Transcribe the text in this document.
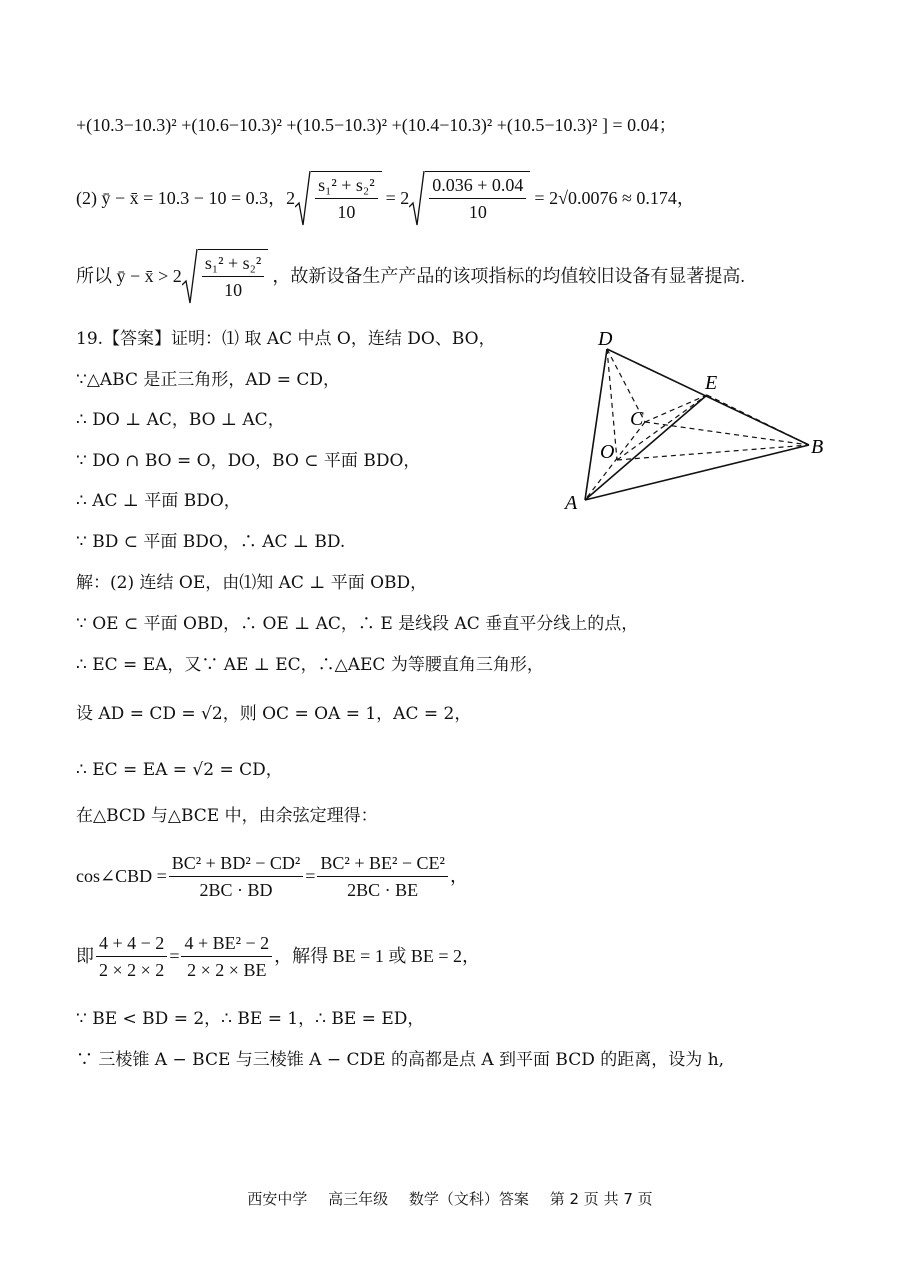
+(10.3−10.3)² +(10.6−10.3)² +(10.5−10.3)² +(10.4−10.3)² +(10.5−10.3)² ] = 0.04；
(2) ȳ − x̄ = 10.3 − 10 = 0.3，$2 \frac{\text{s₁² + s₂²}}{10} = 2 \frac{0.036 + 0.04}{10} = 2√0.0076 \approx 0.174$，
所以 ȳ − x̄ > $2 \frac{\text{s₁² + s₂²}}{10}$ ，故新设备生产产品的该项指标的均值较旧设备有显著提高.
19.【答案】证明：⑴ 取 AC 中点 O，连结 DO、BO，
∵△ABC 是正三角形，AD = CD，
∴ DO ⊥ AC，BO ⊥ AC，
∵ DO ∩ BO = O，DO，BO ⊂ 平面 BDO，
∴ AC ⊥ 平面 BDO，
∵ BD ⊂ 平面 BDO，∴ AC ⊥ BD.
解：(2) 连结 OE，由⑴知 AC ⊥ 平面 OBD，
∵ OE ⊂ 平面 OBD，∴ OE ⊥ AC，∴ E 是线段 AC 垂直平分线上的点，
∴ EC = EA，又∵ AE ⊥ EC，∴△AEC 为等腰直角三角形，
设 AD = CD = √2，则 OC = OA = 1，AC = 2，
∴ EC = EA = √2 = CD，
在△BCD 与△BCE 中，由余弦定理得：
cos∠CBD = $\frac{\text{BC² + BD² − CD²}}{2BC \cdot BD} = \frac{\text{BC² + BE² − CE²}}{2BC \cdot BE}$ ，
即 $\frac{4 + 4 - 2}{2 \times 2 \times 2} = \frac{\text{4 + BE² − 2}}{2 \times 2 \times BE}$ ，解得 BE = 1 或 BE = 2，
∵ BE < BD = 2，∴ BE = 1，∴ BE = ED，
∵ 三棱锥 A − BCE 与三棱锥 A − CDE 的高都是点 A 到平面 BCD 的距离，设为 h,
D
E
C
O	B
A
西安中学 高三年级 数学（文科）答案 第 2 页 共 7 页
